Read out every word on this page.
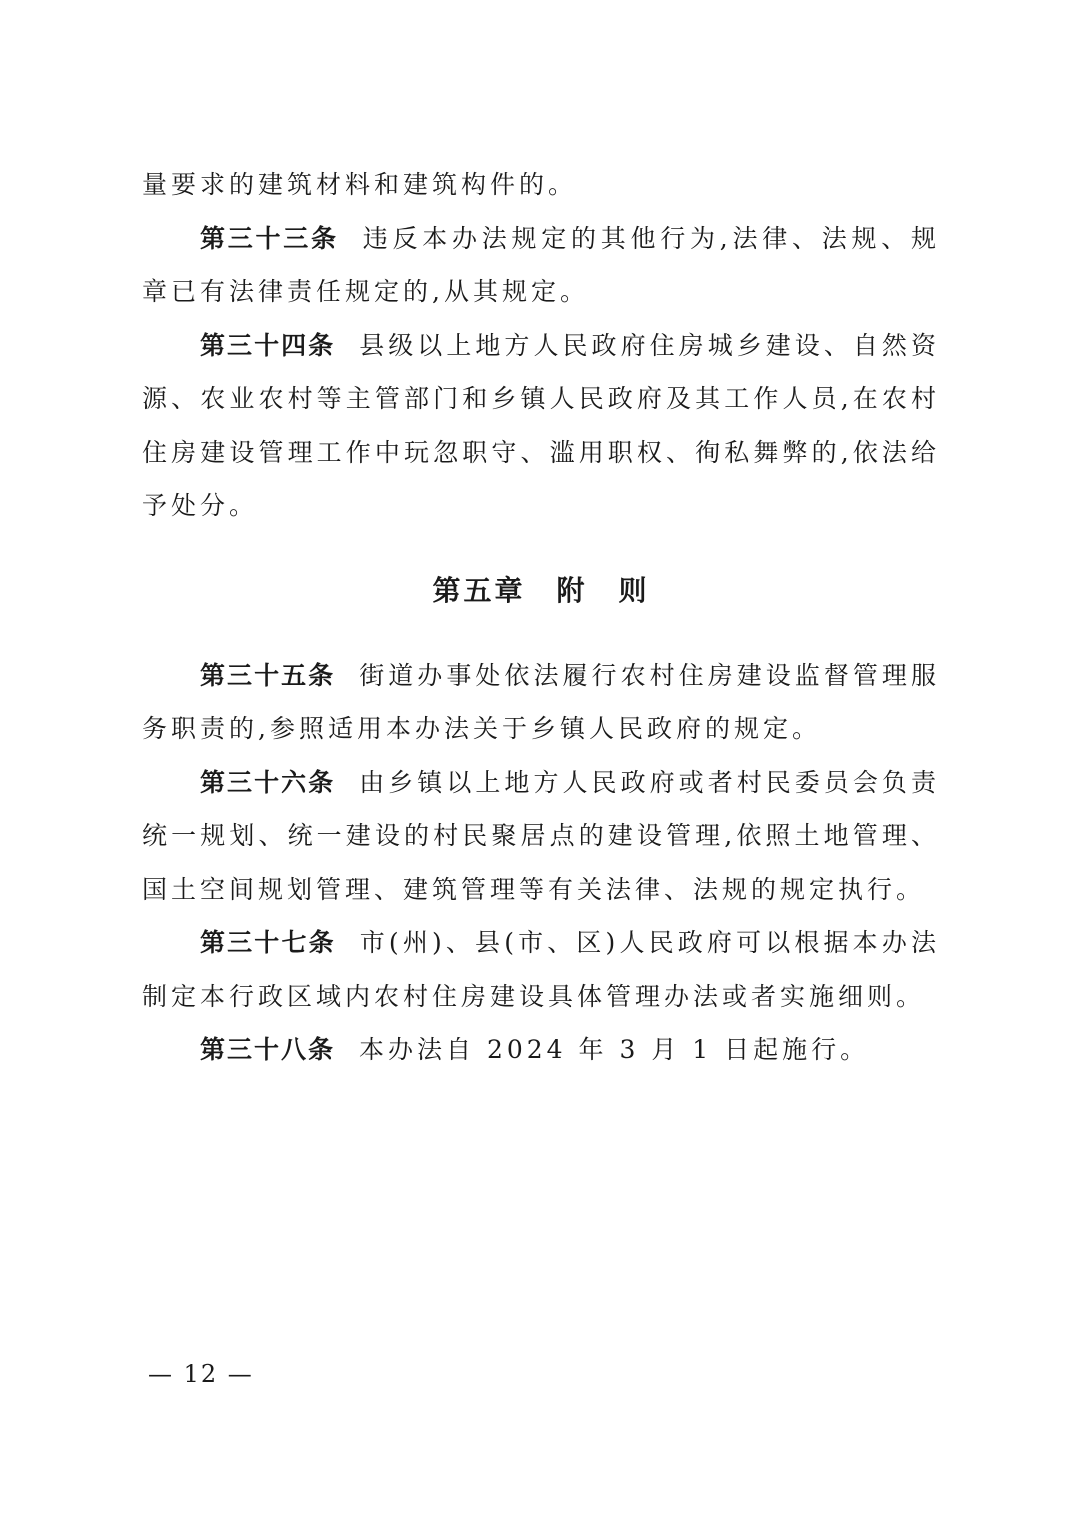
量要求的建筑材料和建筑构件的。

第三十三条 违反本办法规定的其他行为,法律、法规、规章已有法律责任规定的,从其规定。

第三十四条 县级以上地方人民政府住房城乡建设、自然资源、农业农村等主管部门和乡镇人民政府及其工作人员,在农村住房建设管理工作中玩忽职守、滥用职权、徇私舞弊的,依法给予处分。

第五章　附　则

第三十五条 街道办事处依法履行农村住房建设监督管理服务职责的,参照适用本办法关于乡镇人民政府的规定。

第三十六条 由乡镇以上地方人民政府或者村民委员会负责统一规划、统一建设的村民聚居点的建设管理,依照土地管理、国土空间规划管理、建筑管理等有关法律、法规的规定执行。

第三十七条 市(州)、县(市、区)人民政府可以根据本办法制定本行政区域内农村住房建设具体管理办法或者实施细则。

第三十八条 本办法自 2024 年 3 月 1 日起施行。

— 12 —
